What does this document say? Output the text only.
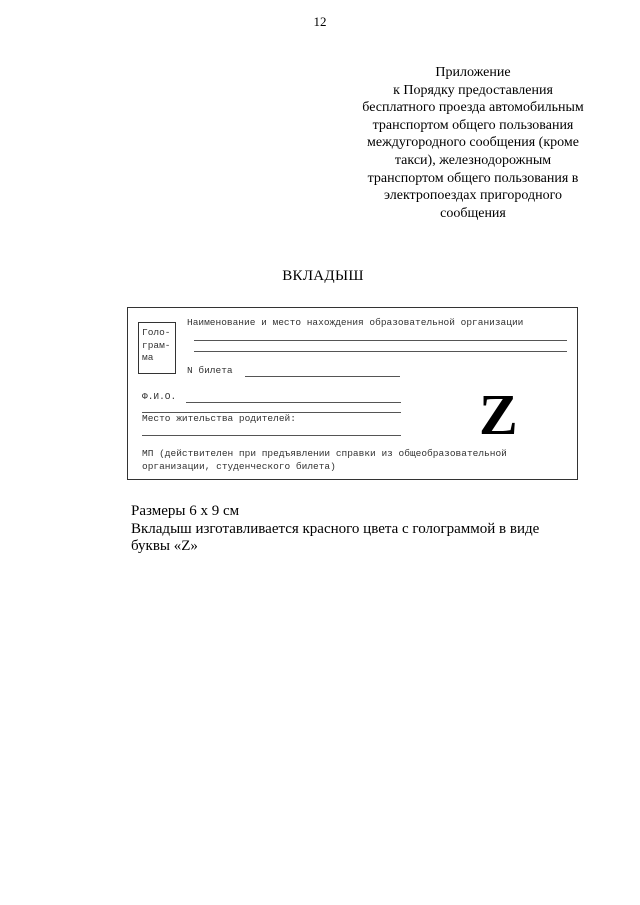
12
Приложение
к Порядку предоставления
бесплатного проезда автомобильным
транспортом общего пользования
междугородного сообщения (кроме
такси), железнодорожным
транспортом общего пользования в
электропоездах пригородного
сообщения
ВКЛАДЫШ
Голо-
грам-
ма
Наименование и место нахождения образовательной организации
N билета
Ф.И.О.
Место жительства родителей:	Z
МП (действителен при предъявлении справки из общеобразовательной
организации, студенческого билета)
Размеры 6 х 9 см
Вкладыш изготавливается красного цвета с голограммой в виде
буквы «Z»
